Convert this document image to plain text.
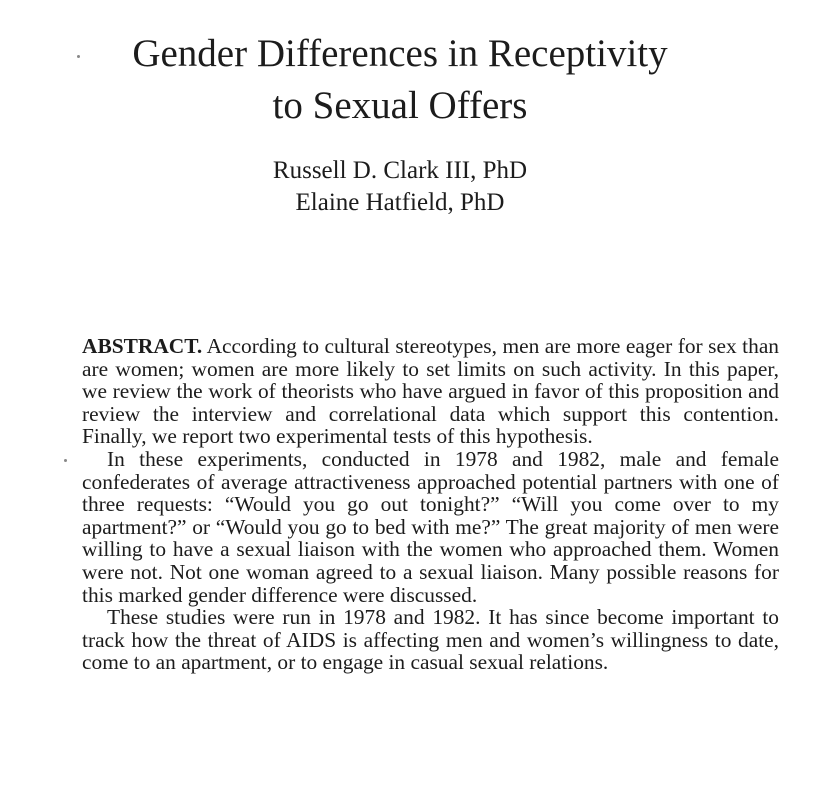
Gender Differences in Receptivity
to Sexual Offers
Russell D. Clark III, PhD
Elaine Hatfield, PhD

ABSTRACT. According to cultural stereotypes, men are more eager for sex than are women; women are more likely to set limits on such activity. In this paper, we review the work of theorists who have argued in favor of this proposition and review the interview and correlational data which support this contention. Finally, we report two experimental tests of this hypothesis.

In these experiments, conducted in 1978 and 1982, male and female confederates of average attractiveness approached potential partners with one of three requests: “Would you go out tonight?” “Will you come over to my apartment?” or “Would you go to bed with me?” The great majority of men were willing to have a sexual liaison with the women who approached them. Women were not. Not one woman agreed to a sexual liaison. Many possible reasons for this marked gender difference were discussed.

These studies were run in 1978 and 1982. It has since become important to track how the threat of AIDS is affecting men and women’s willingness to date, come to an apartment, or to engage in casual sexual relations.
